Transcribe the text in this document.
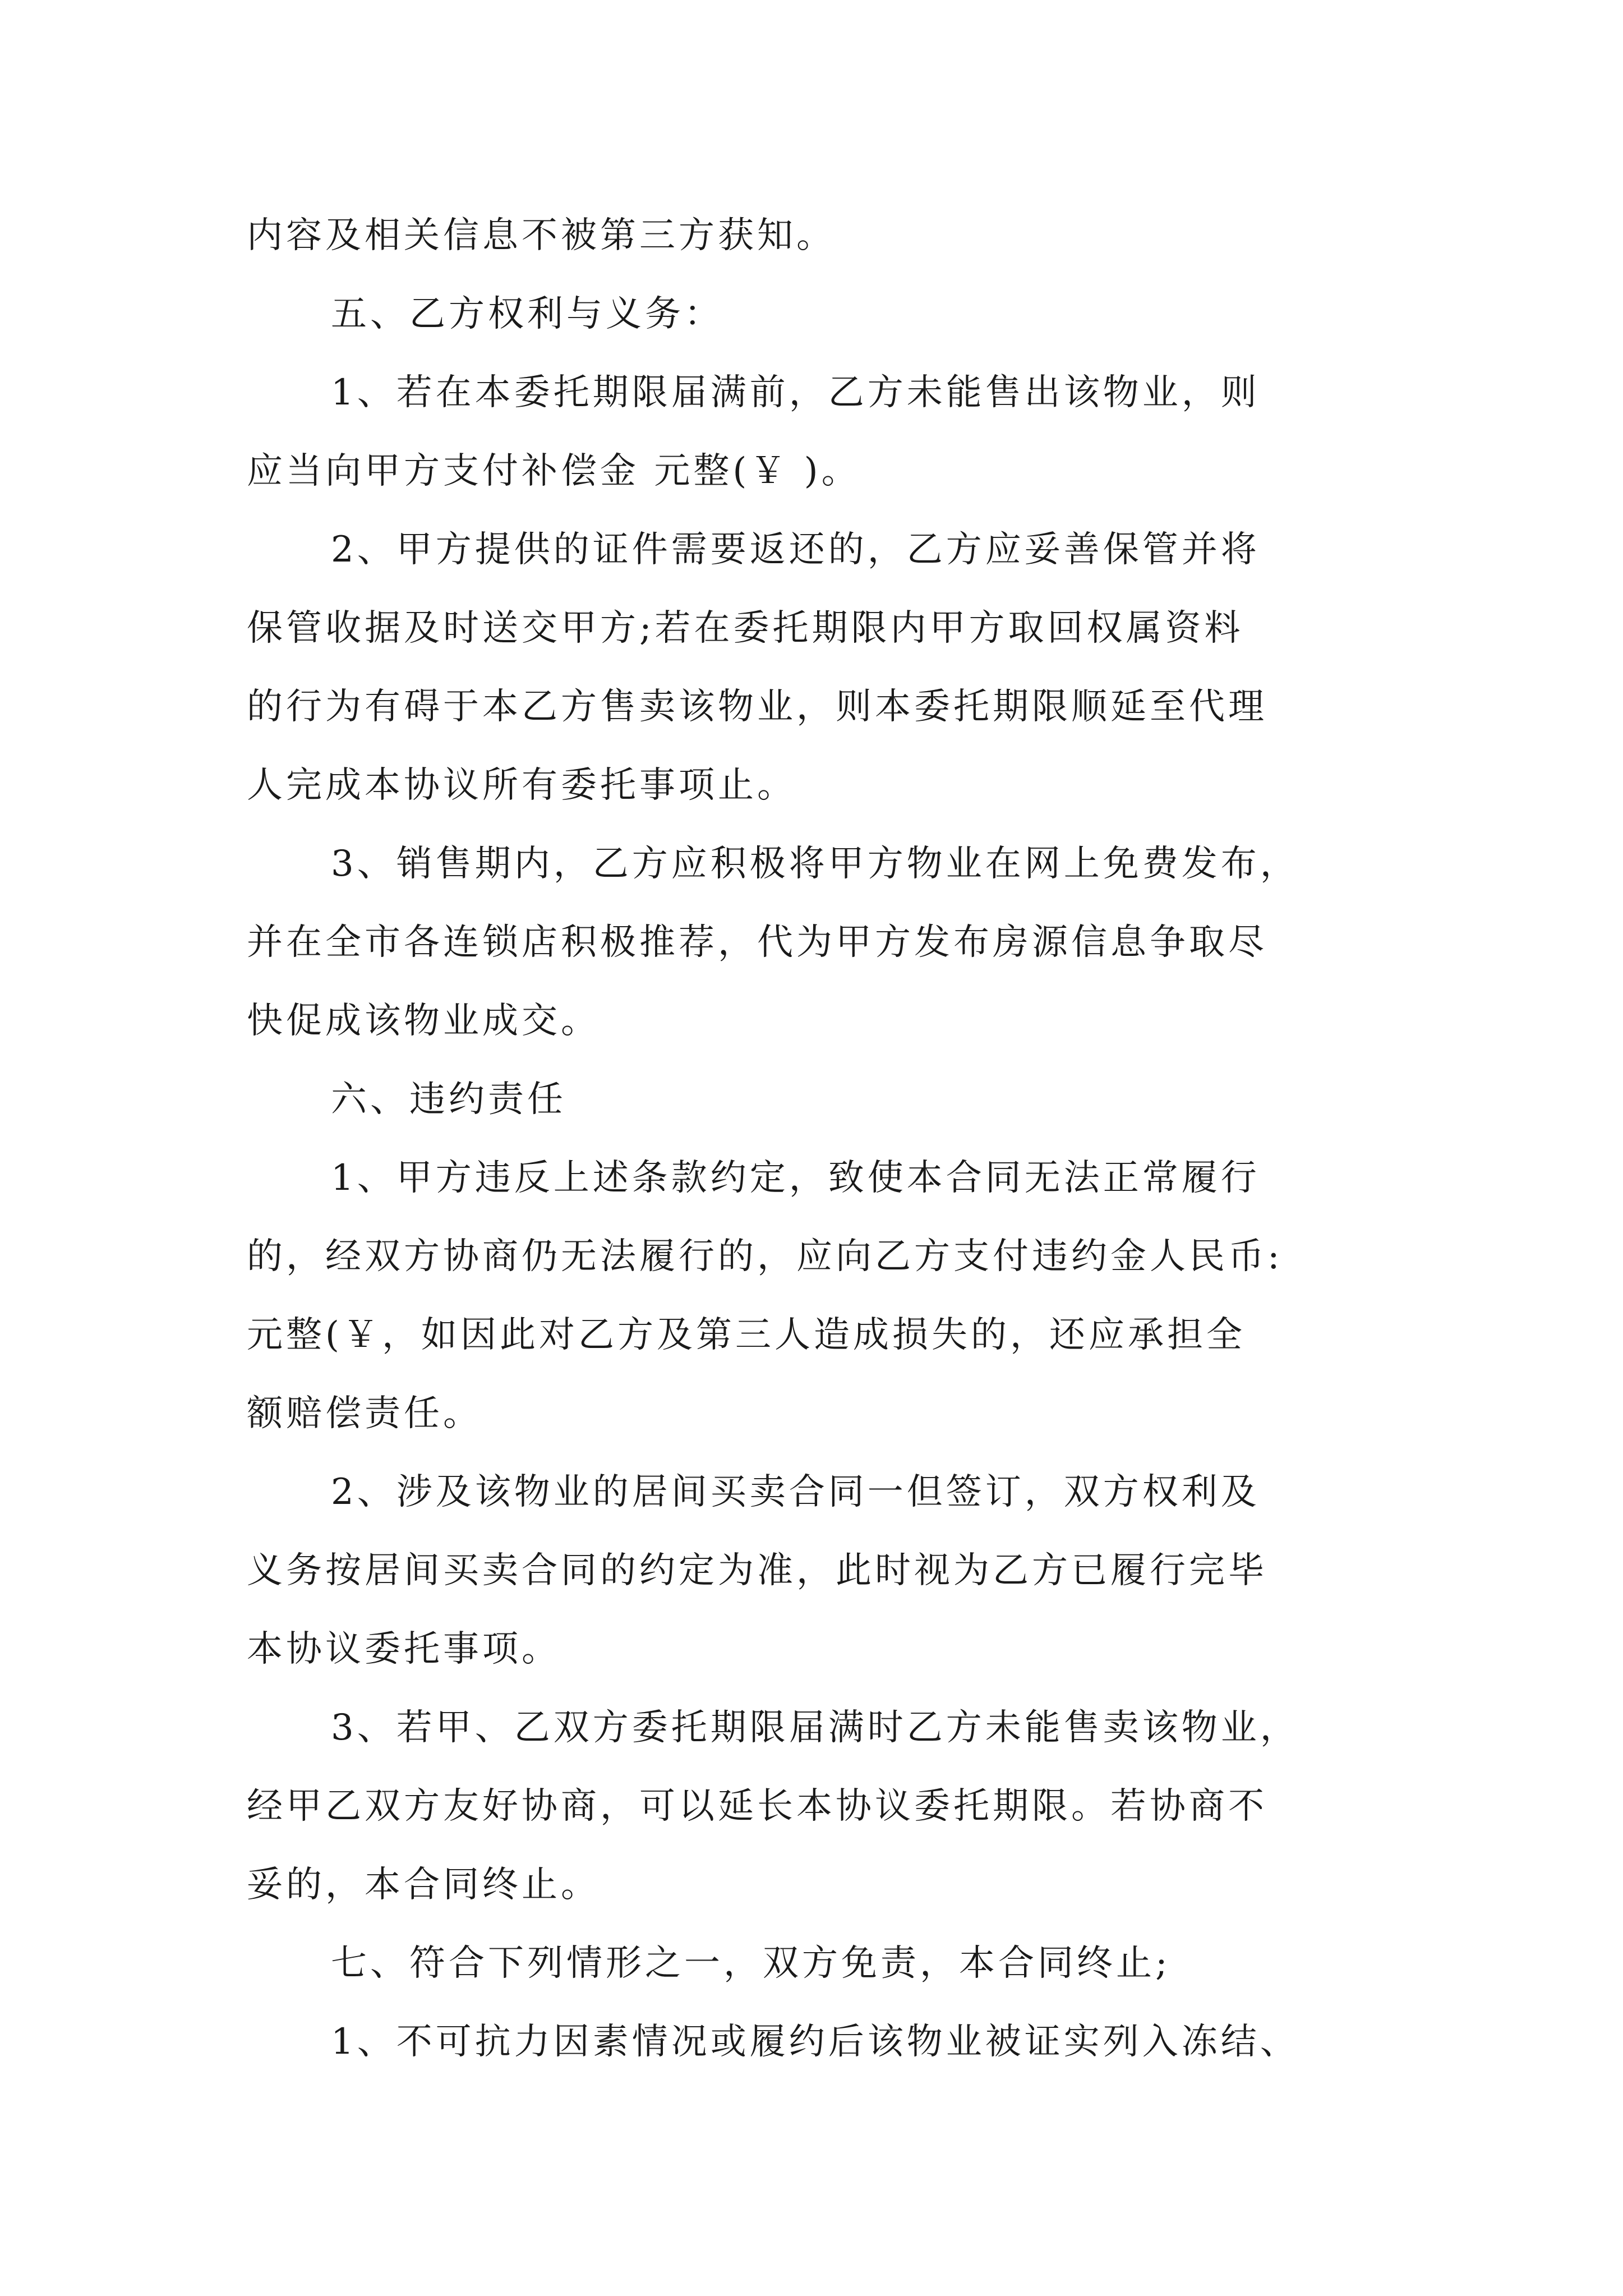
内容及相关信息不被第三方获知。
五、乙方权利与义务：
1、若在本委托期限届满前，乙方未能售出该物业，则
应当向甲方支付补偿金 元整(￥ )。
2、甲方提供的证件需要返还的，乙方应妥善保管并将
保管收据及时送交甲方;若在委托期限内甲方取回权属资料
的行为有碍于本乙方售卖该物业，则本委托期限顺延至代理
人完成本协议所有委托事项止。
3、销售期内，乙方应积极将甲方物业在网上免费发布，
并在全市各连锁店积极推荐，代为甲方发布房源信息争取尽
快促成该物业成交。
六、违约责任
1、甲方违反上述条款约定，致使本合同无法正常履行
的，经双方协商仍无法履行的，应向乙方支付违约金人民币:
元整(￥，如因此对乙方及第三人造成损失的，还应承担全
额赔偿责任。
2、涉及该物业的居间买卖合同一但签订，双方权利及
义务按居间买卖合同的约定为准，此时视为乙方已履行完毕
本协议委托事项。
3、若甲、乙双方委托期限届满时乙方未能售卖该物业，
经甲乙双方友好协商，可以延长本协议委托期限。若协商不
妥的，本合同终止。
七、符合下列情形之一，双方免责，本合同终止;
1、不可抗力因素情况或履约后该物业被证实列入冻结、
